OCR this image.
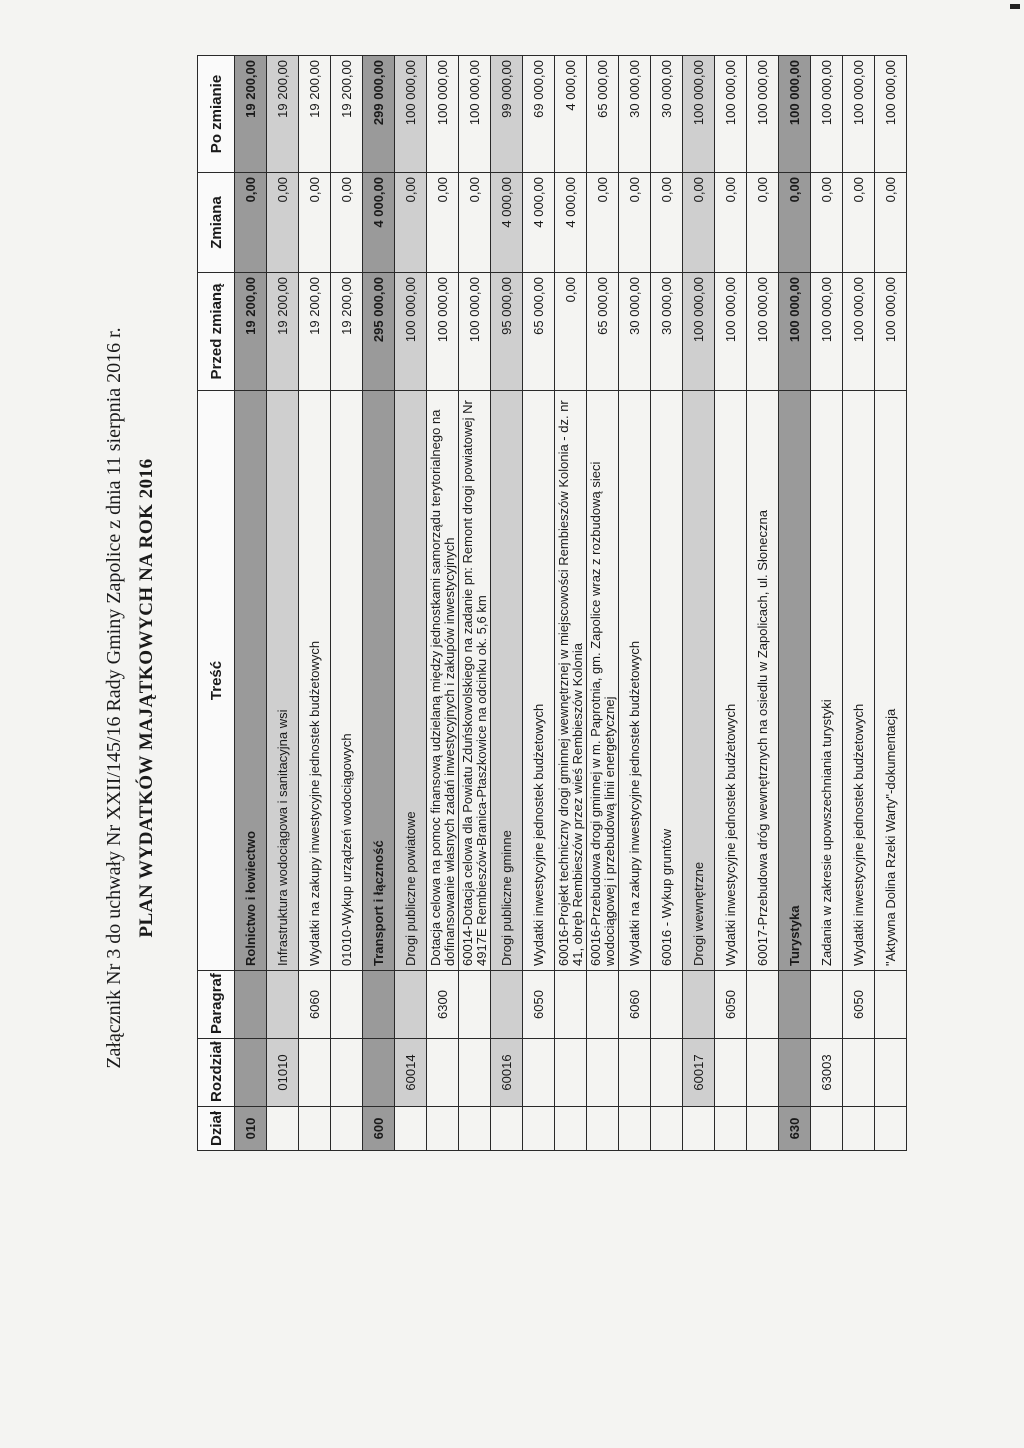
Załącznik Nr 3 do uchwały Nr XXII/145/16 Rady Gminy Zapolice z dnia 11 sierpnia 2016 r. PLAN WYDATKÓW MAJĄTKOWYCH NA ROK 2016
Dział	Rozdział	Paragraf	Treść	Przed zmianą	Zmiana	Po zmianie
010			Rolnictwo i łowiectwo	19 200,00	0,00	19 200,00
	01010		Infrastruktura wodociągowa i sanitacyjna wsi	19 200,00	0,00	19 200,00
		6060	Wydatki na zakupy inwestycyjne jednostek budżetowych	19 200,00	0,00	19 200,00
			01010-Wykup urządzeń wodociągowych	19 200,00	0,00	19 200,00
600			Transport i łączność	295 000,00	4 000,00	299 000,00
	60014		Drogi publiczne powiatowe	100 000,00	0,00	100 000,00
		6300	Dotacja celowa na pomoc finansową udzielaną między jednostkami samorządu terytorialnego na dofinansowanie własnych zadań inwestycyjnych i zakupów inwestycyjnych	100 000,00	0,00	100 000,00
			60014-Dotacja celowa dla Powiatu Zduńskowolskiego na zadanie pn: Remont drogi powiatowej Nr 4917E Rembieszów-Branica-Ptaszkowice na odcinku ok. 5,6 km	100 000,00	0,00	100 000,00
	60016		Drogi publiczne gminne	95 000,00	4 000,00	99 000,00
		6050	Wydatki inwestycyjne jednostek budżetowych	65 000,00	4 000,00	69 000,00
			60016-Projekt techniczny drogi gminnej wewnętrznej w miejscowości Rembieszów Kolonia - dz. nr 41, obręb Rembieszów przez wieś Rembieszów Kolonia	0,00	4 000,00	4 000,00
			60016-Przebudowa drogi gminnej w m. Paprotnia, gm. Zapolice wraz z rozbudową sieci wodociągowej i przebudową linii energetycznej	65 000,00	0,00	65 000,00
		6060	Wydatki na zakupy inwestycyjne jednostek budżetowych	30 000,00	0,00	30 000,00
			60016 - Wykup gruntów	30 000,00	0,00	30 000,00
	60017		Drogi wewnętrzne	100 000,00	0,00	100 000,00
		6050	Wydatki inwestycyjne jednostek budżetowych	100 000,00	0,00	100 000,00
			60017-Przebudowa dróg wewnętrznych na osiedlu w Zapolicach, ul. Słoneczna	100 000,00	0,00	100 000,00
630			Turystyka	100 000,00	0,00	100 000,00
	63003		Zadania w zakresie upowszechniania turystyki	100 000,00	0,00	100 000,00
		6050	Wydatki inwestycyjne jednostek budżetowych	100 000,00	0,00	100 000,00
			"Aktywna Dolina Rzeki Warty"-dokumentacja	100 000,00	0,00	100 000,00
